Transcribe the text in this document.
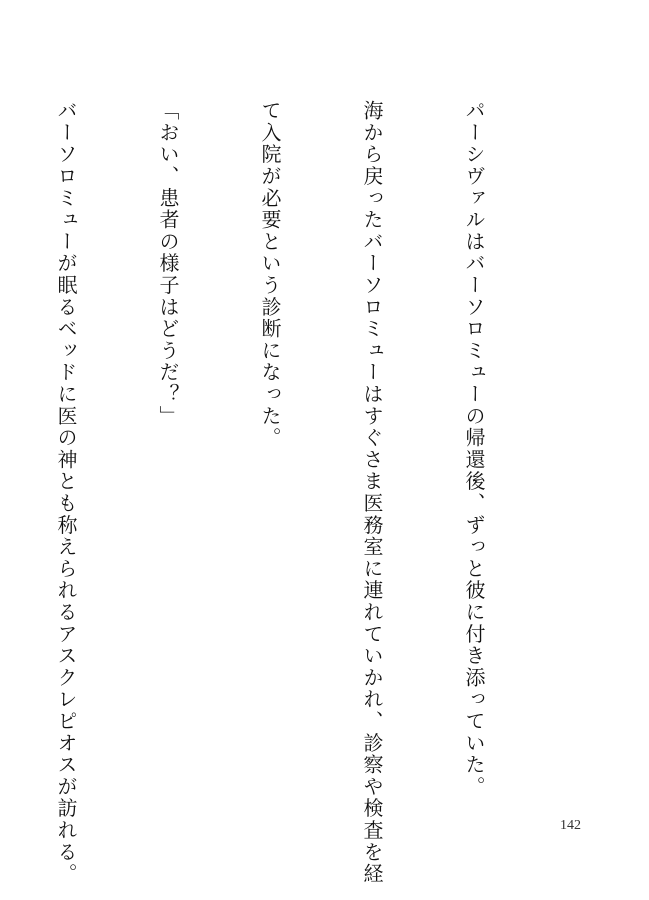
パーシヴァルはバーソロミューの帰還後、ずっと彼に付き添っていた。

海から戻ったバーソロミューはすぐさま医務室に連れていかれ、診察や検査を経

て入院が必要という診断になった。

「おい、患者の様子はどうだ？」

バーソロミューが眠るベッドに医の神とも称えられるアスクレピオスが訪れる。

	142
